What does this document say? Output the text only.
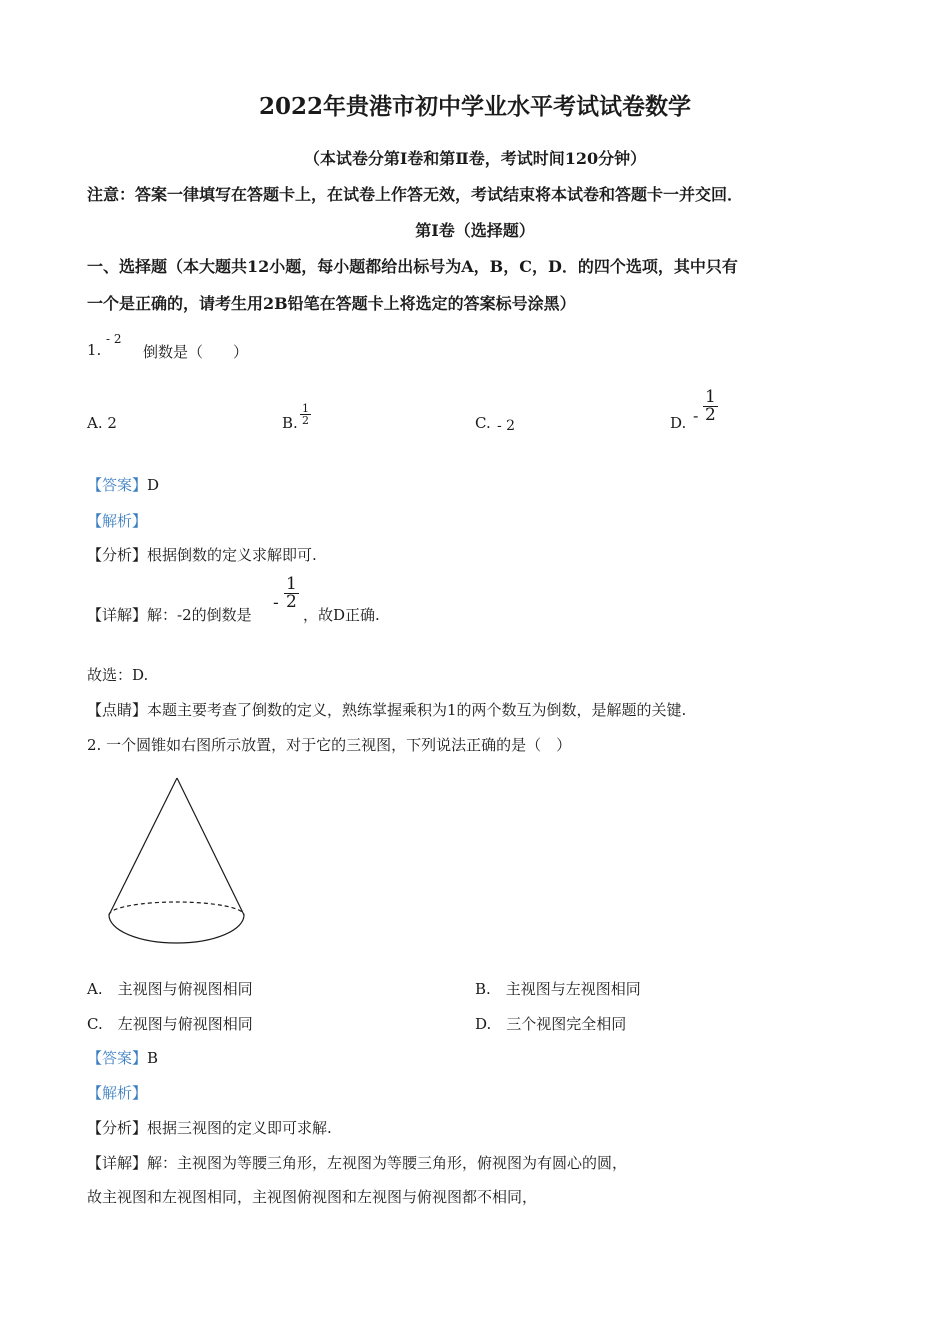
2022年贵港市初中学业水平考试试卷数学
（本试卷分第Ⅰ卷和第Ⅱ卷，考试时间120分钟）
注意：答案一律填写在答题卡上，在试卷上作答无效，考试结束将本试卷和答题卡一并交回．
第Ⅰ卷（选择题）
一、选择题（本大题共12小题，每小题都给出标号为A，B，C，D．的四个选项，其中只有
一个是正确的，请考生用2B铅笔在答题卡上将选定的答案标号涂黑）
1.
- 2
倒数是（　　）
A. 2	B. $\frac{1}{2}$	C. - 2	D. - $\frac{1}{2}$
【答案】D
【解析】
【分析】根据倒数的定义求解即可.
【详解】解：-2的倒数是
- $\frac{1}{2}$
，故D正确.
故选：D.
【点睛】本题主要考查了倒数的定义，熟练掌握乘积为1的两个数互为倒数，是解题的关键.
2. 一个圆锥如右图所示放置，对于它的三视图，下列说法正确的是（　）
A.　主视图与俯视图相同	B.　主视图与左视图相同
C.　左视图与俯视图相同	D.　三个视图完全相同
【答案】B
【解析】
【分析】根据三视图的定义即可求解.
【详解】解：主视图为等腰三角形，左视图为等腰三角形，俯视图为有圆心的圆，
故主视图和左视图相同，主视图俯视图和左视图与俯视图都不相同，
